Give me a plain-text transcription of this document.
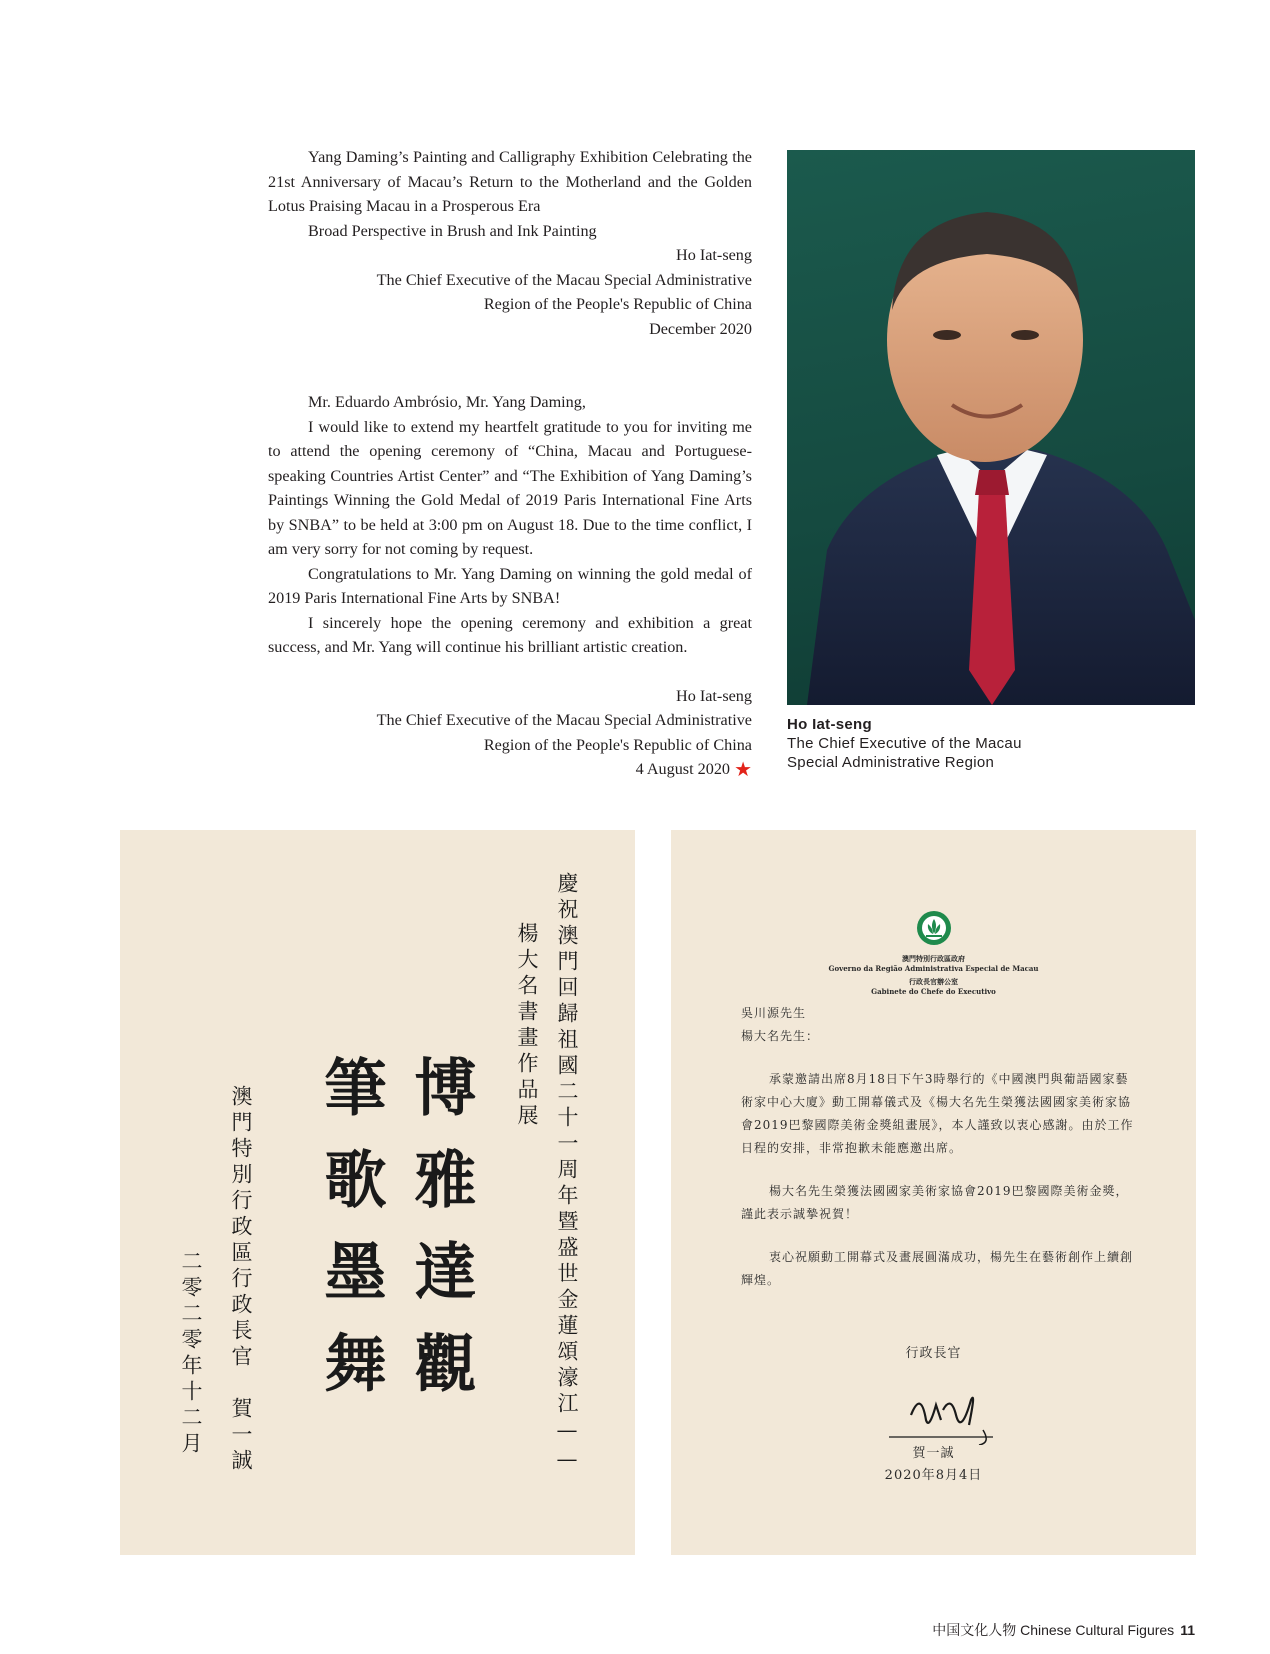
Yang Daming’s Painting and Calligraphy Exhibition Celebrating the 21st Anniversary of Macau’s Return to the Motherland and the Golden Lotus Praising Macau in a Prosperous Era

Broad Perspective in Brush and Ink Painting

Ho Iat-seng

The Chief Executive of the Macau Special Administrative

Region of the People's Republic of China

December 2020

Mr. Eduardo Ambrósio, Mr. Yang Daming,

I would like to extend my heartfelt gratitude to you for inviting me to attend the opening ceremony of “China, Macau and Portuguese-speaking Countries Artist Center” and “The Exhibition of Yang Daming’s Paintings Winning the Gold Medal of 2019 Paris International Fine Arts by SNBA” to be held at 3:00 pm on August 18. Due to the time conflict, I am very sorry for not coming by request.

Congratulations to Mr. Yang Daming on winning the gold medal of 2019 Paris International Fine Arts by SNBA!

I sincerely hope the opening ceremony and exhibition a great success, and Mr. Yang will continue his brilliant artistic creation.

Ho Iat-seng

The Chief Executive of the Macau Special Administrative

Region of the People's Republic of China

4 August 2020 ★

Ho Iat-seng
The Chief Executive of the Macau
Special Administrative Region
慶祝澳門回歸祖國二十一周年暨盛世金蓮頌濠江——
楊大名書畫作品展
博雅達觀
筆歌墨舞
澳門特別行政區行政長官　賀一誠
二零二零年十二月
澳門特別行政區政府
Governo da Região Administrativa Especial de Macau
行政長官辦公室
Gabinete do Chefe do Executivo

吳川源先生

楊大名先生：

承蒙邀請出席8月18日下午3時舉行的《中國澳門與葡語國家藝術家中心大廈》動工開幕儀式及《楊大名先生榮獲法國國家美術家協會2019巴黎國際美術金獎組畫展》，本人謹致以衷心感謝。由於工作日程的安排，非常抱歉未能應邀出席。

楊大名先生榮獲法國國家美術家協會2019巴黎國際美術金獎，謹此表示誠摯祝賀！

衷心祝願動工開幕式及畫展圓滿成功，楊先生在藝術創作上續創輝煌。

行政長官
賀一誠
2020年8月4日
中国文化人物 Chinese Cultural Figures 11
